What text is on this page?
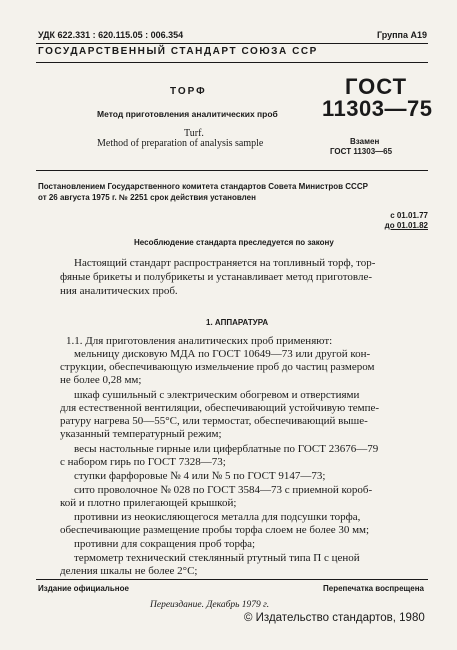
УДК 622.331 : 620.115.05 : 006.354	Группа А19
ГОСУДАРСТВЕННЫЙ СТАНДАРТ СОЮЗА ССР
ТОРФ
Метод приготовления аналитических проб
Turf.
Method of preparation of analysis sample
ГОСТ
11303—75
Взамен
ГОСТ 11303—65
Постановлением Государственного комитета стандартов Совета Министров СССР
от 26 августа 1975 г. № 2251 срок действия установлен
с 01.01.77
до 01.01.82
Несоблюдение стандарта преследуется по закону
Настоящий стандарт распространяется на топливный торф, тор-
фяные брикеты и полубрикеты и устанавливает метод приготовле-
ния аналитических проб.
1. АППАРАТУРА
1.1. Для приготовления аналитических проб применяют:
мельницу дисковую МДА по ГОСТ 10649—73 или другой кон-
струкции, обеспечивающую измельчение проб до частиц размером
не более 0,28 мм;
шкаф сушильный с электрическим обогревом и отверстиями
для естественной вентиляции, обеспечивающий устойчивую темпе-
ратуру нагрева 50—55°С, или термостат, обеспечивающий выше-
указанный температурный режим;
весы настольные гирные или циферблатные по ГОСТ 23676—79
с набором гирь по ГОСТ 7328—73;
ступки фарфоровые № 4 или № 5 по ГОСТ 9147—73;
сито проволочное № 028 по ГОСТ 3584—73 с приемной короб-
кой и плотно прилегающей крышкой;
противни из неокисляющегося металла для подсушки торфа,
обеспечивающие размещение пробы торфа слоем не более 30 мм;
противни для сокращения проб торфа;
термометр технический стеклянный ртутный типа П с ценой
деления шкалы не более 2°С;
Издание официальное	Перепечатка воспрещена
Переиздание. Декабрь 1979 г.
© Издательство стандартов, 1980
